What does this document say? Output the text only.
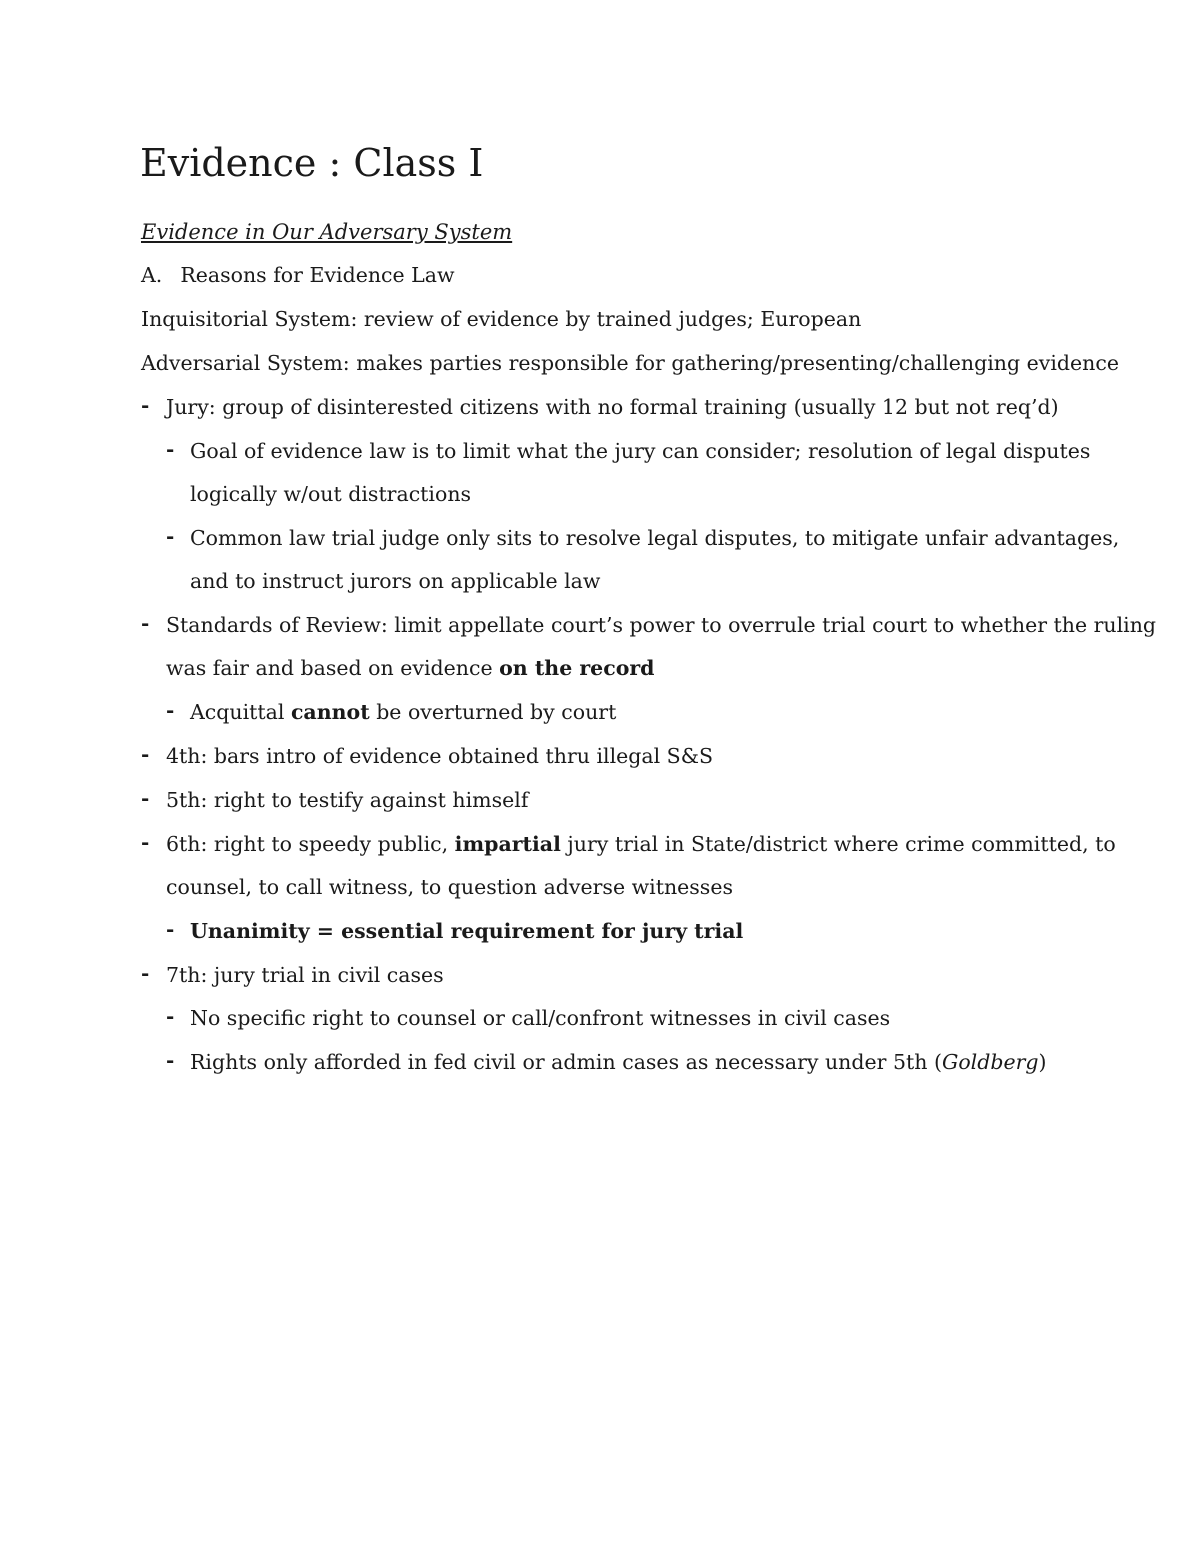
Evidence : Class I
Evidence in Our Adversary System
A. Reasons for Evidence Law
Inquisitorial System: review of evidence by trained judges; European
Adversarial System: makes parties responsible for gathering/presenting/challenging evidence
- Jury: group of disinterested citizens with no formal training (usually 12 but not req’d)
- Goal of evidence law is to limit what the jury can consider; resolution of legal disputes
logically w/out distractions
- Common law trial judge only sits to resolve legal disputes, to mitigate unfair advantages,
and to instruct jurors on applicable law
- Standards of Review: limit appellate court’s power to overrule trial court to whether the ruling
was fair and based on evidence on the record
- Acquittal cannot be overturned by court
- 4th: bars intro of evidence obtained thru illegal S&S
- 5th: right to testify against himself
- 6th: right to speedy public, impartial jury trial in State/district where crime committed, to
counsel, to call witness, to question adverse witnesses
- Unanimity = essential requirement for jury trial
- 7th: jury trial in civil cases
- No specific right to counsel or call/confront witnesses in civil cases
- Rights only afforded in fed civil or admin cases as necessary under 5th (Goldberg)
